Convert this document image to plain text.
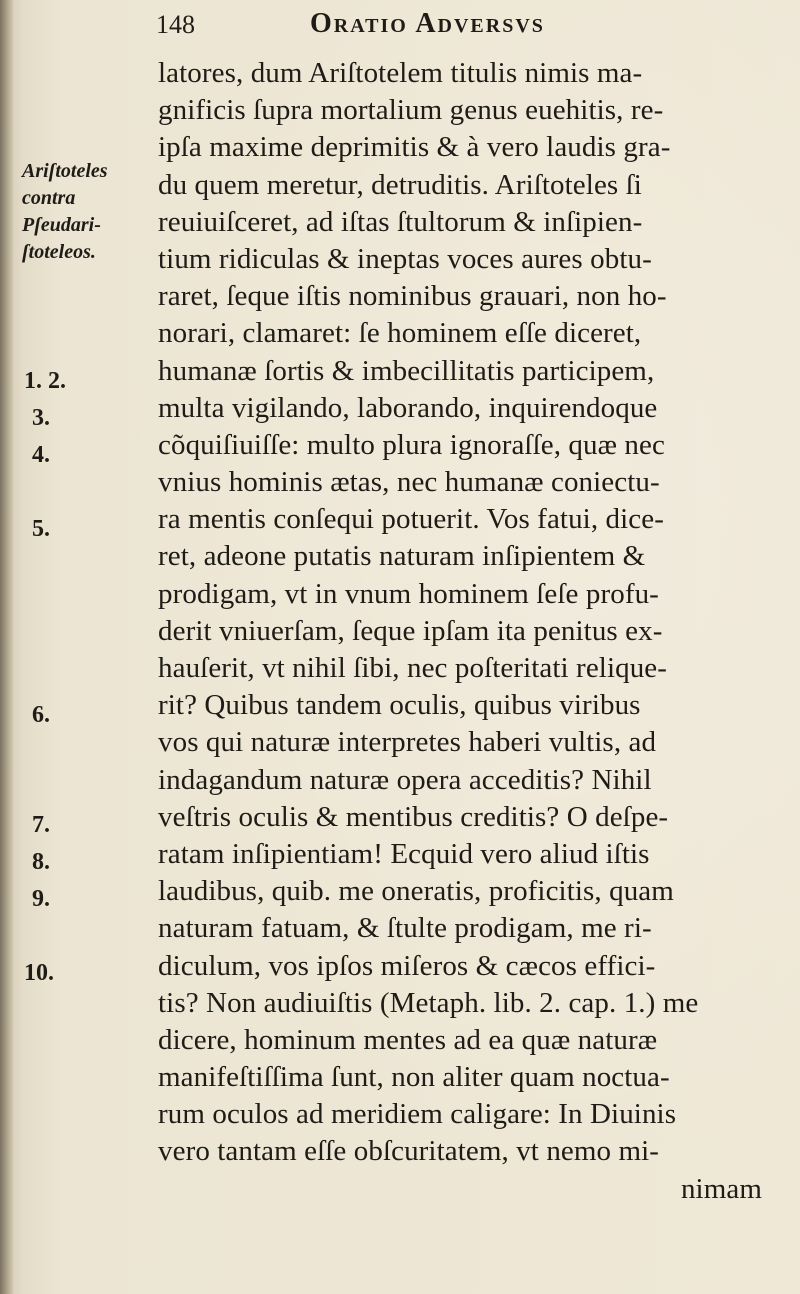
148	Oratio Adversvs
Ariſtoteles
contra
Pſeudari-
ſtoteleos.
1. 2.
3.
4.
5.
6.
7.
8.
9.
10.
latores, dum Ariſtotelem titulis nimis ma-
gnificis ſupra mortalium genus euehitis, re-
ipſa maxime deprimitis & à vero laudis gra-
du quem meretur, detruditis. Ariſtoteles ſi
reuiuiſceret, ad iſtas ſtultorum & inſipien-
tium ridiculas & ineptas voces aures obtu-
raret, ſeque iſtis nominibus grauari, non ho-
norari, clamaret: ſe hominem eſſe diceret,
humanæ ſortis & imbecillitatis participem,
multa vigilando, laborando, inquirendoque
cõquiſiuiſſe: multo plura ignoraſſe, quæ nec
vnius hominis ætas, nec humanæ coniectu-
ra mentis conſequi potuerit. Vos fatui, dice-
ret, adeone putatis naturam inſipientem &
prodigam, vt in vnum hominem ſeſe profu-
derit vniuerſam, ſeque ipſam ita penitus ex-
hauſerit, vt nihil ſibi, nec poſteritati relique-
rit? Quibus tandem oculis, quibus viribus
vos qui naturæ interpretes haberi vultis, ad
indagandum naturæ opera acceditis? Nihil
veſtris oculis & mentibus creditis? O deſpe-
ratam inſipientiam! Ecquid vero aliud iſtis
laudibus, quib. me oneratis, proficitis, quam
naturam fatuam, & ſtulte prodigam, me ri-
diculum, vos ipſos miſeros & cæcos effici-
tis? Non audiuiſtis (Metaph. lib. 2. cap. 1.) me
dicere, hominum mentes ad ea quæ naturæ
manifeſtiſſima ſunt, non aliter quam noctua-
rum oculos ad meridiem caligare: In Diuinis
vero tantam eſſe obſcuritatem, vt nemo mi-
nimam
